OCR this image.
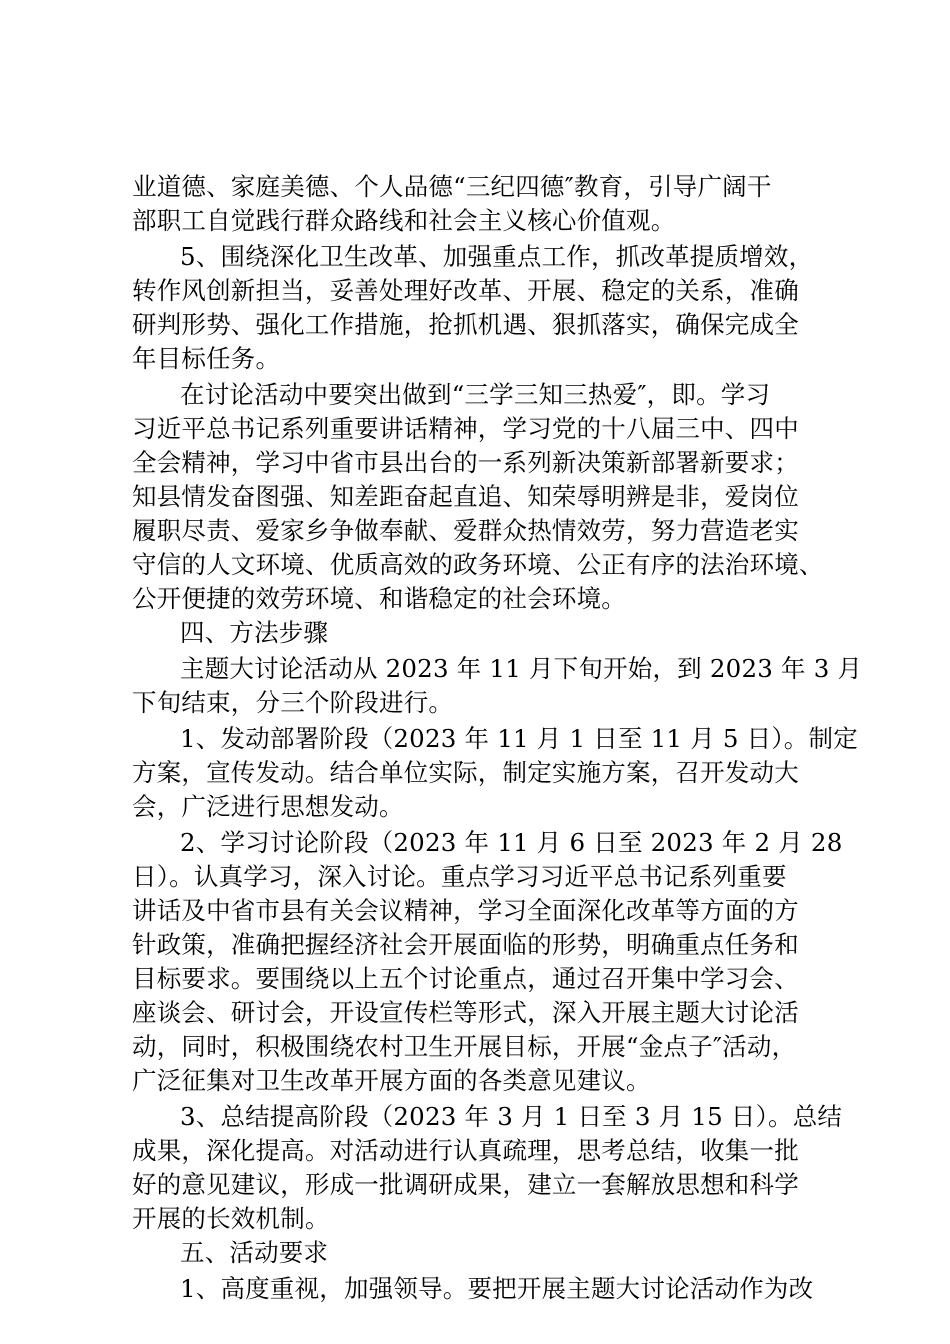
业道德、家庭美德、个人品德“三纪四德″教育，引导广阔干
部职工自觉践行群众路线和社会主义核心价值观。
5、围绕深化卫生改革、加强重点工作，抓改革提质增效，
转作风创新担当，妥善处理好改革、开展、稳定的关系，准确
研判形势、强化工作措施，抢抓机遇、狠抓落实，确保完成全
年目标任务。
在讨论活动中要突出做到“三学三知三热爱″，即。学习
习近平总书记系列重要讲话精神，学习党的十八届三中、四中
全会精神，学习中省市县出台的一系列新决策新部署新要求；
知县情发奋图强、知差距奋起直追、知荣辱明辨是非，爱岗位
履职尽责、爱家乡争做奉献、爱群众热情效劳，努力营造老实
守信的人文环境、优质高效的政务环境、公正有序的法治环境、
公开便捷的效劳环境、和谐稳定的社会环境。
四、方法步骤
主题大讨论活动从 2023 年 11 月下旬开始，到 2023 年 3 月
下旬结束，分三个阶段进行。
1、发动部署阶段（2023 年 11 月 1 日至 11 月 5 日）。制定
方案，宣传发动。结合单位实际，制定实施方案，召开发动大
会，广泛进行思想发动。
2、学习讨论阶段（2023 年 11 月 6 日至 2023 年 2 月 28
日）。认真学习，深入讨论。重点学习习近平总书记系列重要
讲话及中省市县有关会议精神，学习全面深化改革等方面的方
针政策，准确把握经济社会开展面临的形势，明确重点任务和
目标要求。要围绕以上五个讨论重点，通过召开集中学习会、
座谈会、研讨会，开设宣传栏等形式，深入开展主题大讨论活
动，同时，积极围绕农村卫生开展目标，开展“金点子″活动，
广泛征集对卫生改革开展方面的各类意见建议。
3、总结提高阶段（2023 年 3 月 1 日至 3 月 15 日）。总结
成果，深化提高。对活动进行认真疏理，思考总结，收集一批
好的意见建议，形成一批调研成果，建立一套解放思想和科学
开展的长效机制。
五、活动要求
1、高度重视，加强领导。要把开展主题大讨论活动作为改
